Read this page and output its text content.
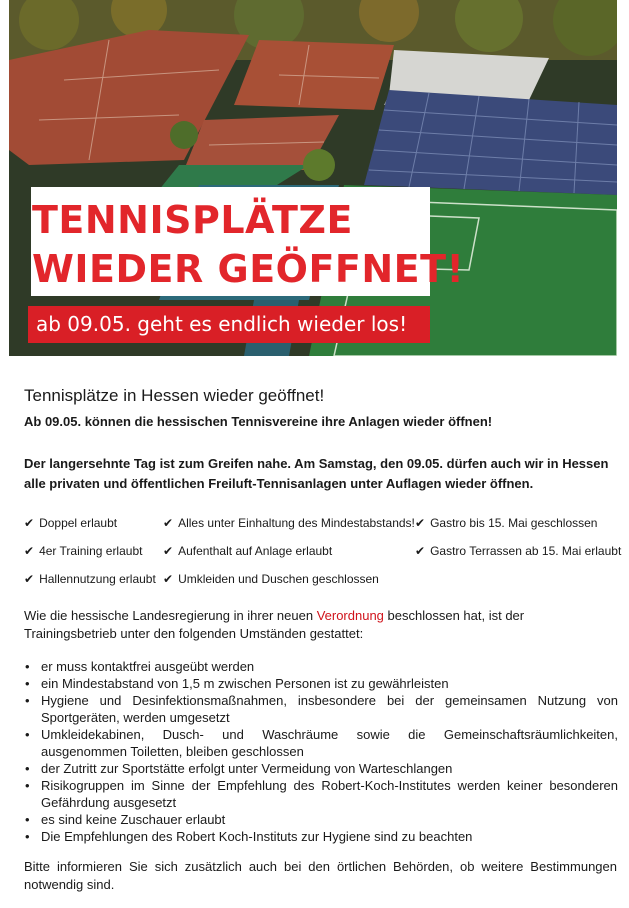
TENNISPLÄTZE
WIEDER GEÖFFNET!
ab 09.05. geht es endlich wieder los!
Tennisplätze in Hessen wieder geöffnet!

Ab 09.05. können die hessischen Tennisvereine ihre Anlagen wieder öffnen!

Der langersehnte Tag ist zum Greifen nahe. Am Samstag, den 09.05. dürfen auch wir in Hessen alle privaten und öffentlichen Freiluft-Tennisanlagen unter Auflagen wieder öffnen.

✔ Doppel erlaubt	✔ Alles unter Einhaltung des Mindestabstands! ✔ Gastro bis 15. Mai geschlossen
✔ 4er Training erlaubt ✔ Aufenthalt auf Anlage erlaubt	✔ Gastro Terrassen ab 15. Mai erlaubt
✔ Hallennutzung erlaubt ✔ Umkleiden und Duschen geschlossen

Wie die hessische Landesregierung in ihrer neuen Verordnung beschlossen hat, ist der Trainingsbetrieb unter den folgenden Umständen gestattet:

• er muss kontaktfrei ausgeübt werden
• ein Mindestabstand von 1,5 m zwischen Personen ist zu gewährleisten
• Hygiene und Desinfektionsmaßnahmen, insbesondere bei der gemeinsamen Nutzung von Sportgeräten, werden umgesetzt
• Umkleidekabinen, Dusch- und Waschräume sowie die Gemeinschaftsräumlichkeiten, ausgenommen Toiletten, bleiben geschlossen
• der Zutritt zur Sportstätte erfolgt unter Vermeidung von Warteschlangen
• Risikogruppen im Sinne der Empfehlung des Robert-Koch-Institutes werden keiner besonderen Gefährdung ausgesetzt
• es sind keine Zuschauer erlaubt
• Die Empfehlungen des Robert Koch-Instituts zur Hygiene sind zu beachten

Bitte informieren Sie sich zusätzlich auch bei den örtlichen Behörden, ob weitere Bestimmungen notwendig sind.
